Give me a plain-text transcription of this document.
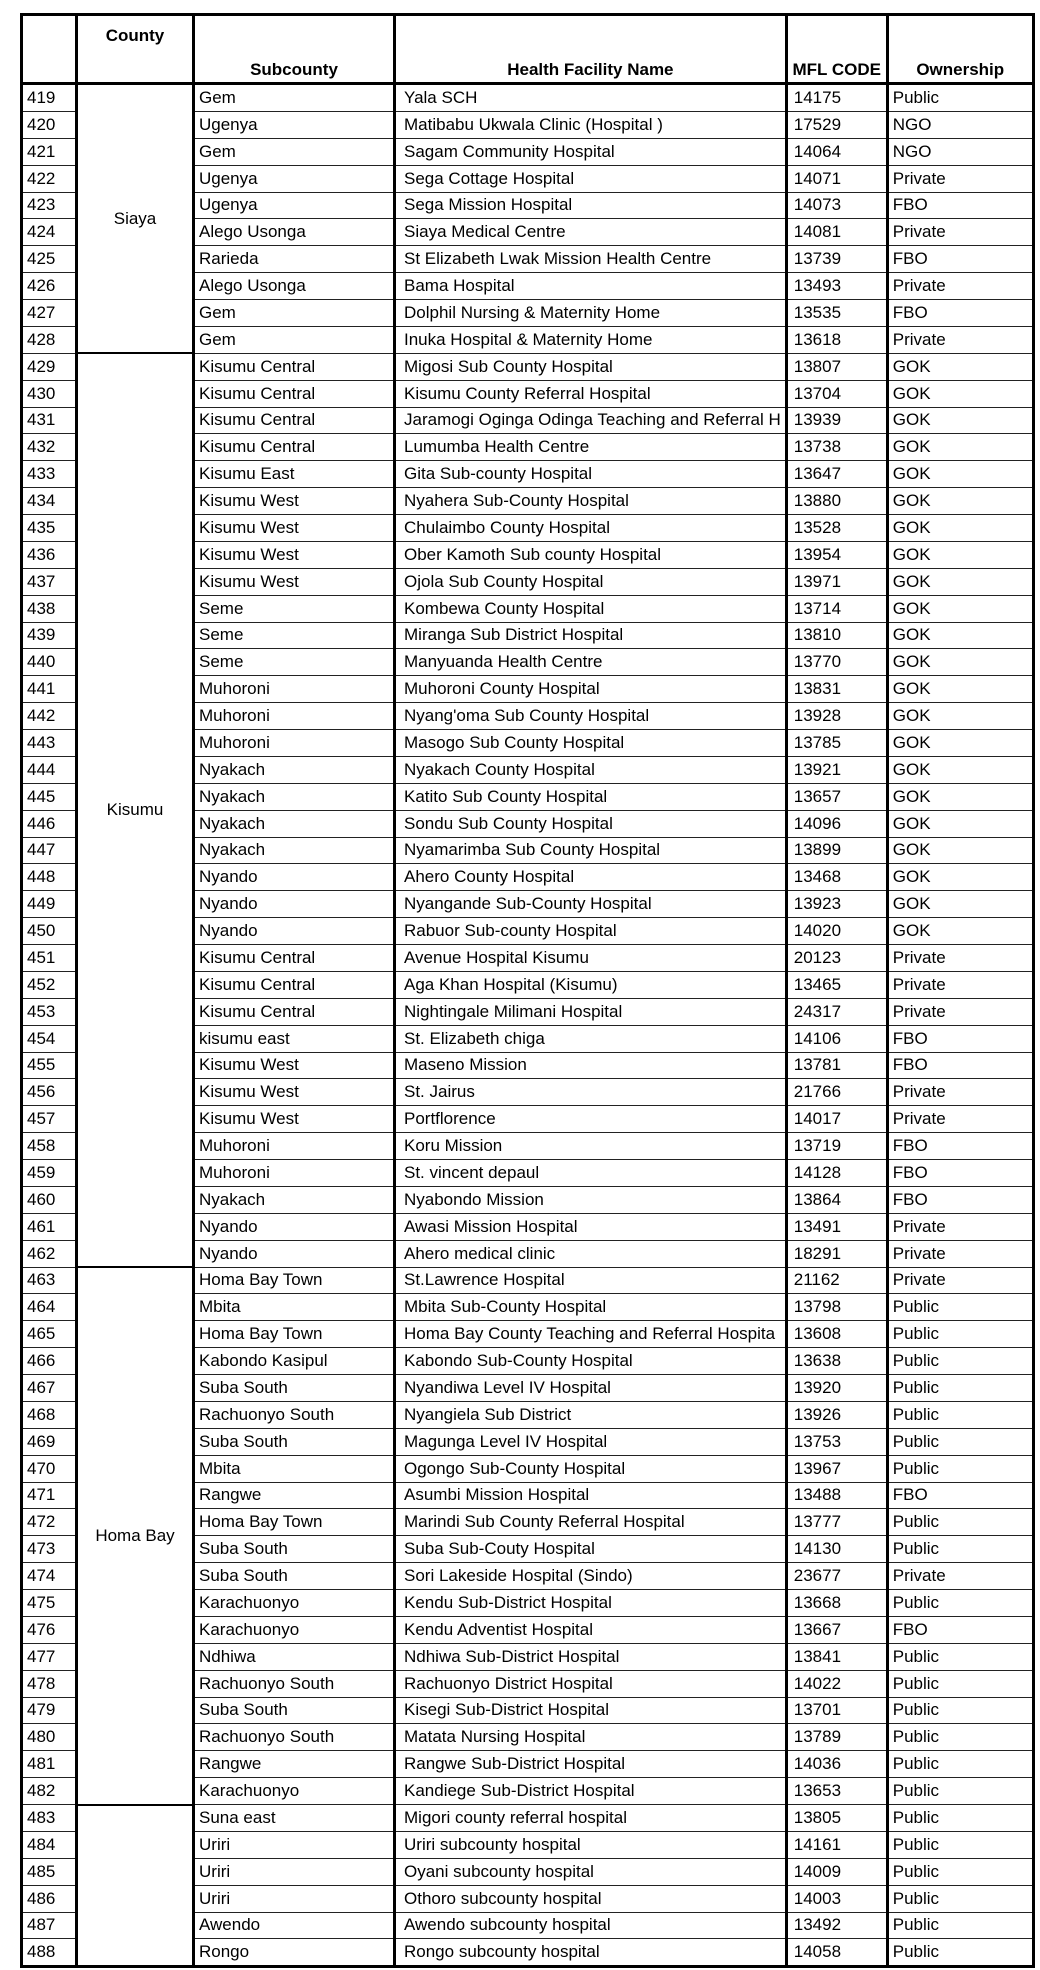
	County	Subcounty	Health Facility Name	MFL CODE	Ownership
419	Siaya	Gem	Yala SCH	14175	Public
420		Ugenya	Matibabu Ukwala Clinic (Hospital )	17529	NGO
421		Gem	Sagam Community Hospital	14064	NGO
422		Ugenya	Sega Cottage Hospital	14071	Private
423		Ugenya	Sega Mission Hospital	14073	FBO
424		Alego Usonga	Siaya Medical Centre	14081	Private
425		Rarieda	St Elizabeth Lwak Mission Health Centre	13739	FBO
426		Alego Usonga	Bama Hospital	13493	Private
427		Gem	Dolphil Nursing & Maternity Home	13535	FBO
428		Gem	Inuka Hospital & Maternity Home	13618	Private
429	Kisumu	Kisumu Central	Migosi Sub County Hospital	13807	GOK
430		Kisumu Central	Kisumu County Referral Hospital	13704	GOK
431		Kisumu Central	Jaramogi Oginga Odinga Teaching and Referral H	13939	GOK
432		Kisumu Central	Lumumba Health Centre	13738	GOK
433		Kisumu East	Gita Sub-county Hospital	13647	GOK
434		Kisumu West	Nyahera Sub-County Hospital	13880	GOK
435		Kisumu West	Chulaimbo County Hospital	13528	GOK
436		Kisumu West	Ober Kamoth Sub county Hospital	13954	GOK
437		Kisumu West	Ojola Sub County Hospital	13971	GOK
438		Seme	Kombewa County Hospital	13714	GOK
439		Seme	Miranga Sub District Hospital	13810	GOK
440		Seme	Manyuanda Health Centre	13770	GOK
441		Muhoroni	Muhoroni County Hospital	13831	GOK
442		Muhoroni	Nyang'oma Sub County Hospital	13928	GOK
443		Muhoroni	Masogo Sub County Hospital	13785	GOK
444		Nyakach	Nyakach County Hospital	13921	GOK
445		Nyakach	Katito Sub County Hospital	13657	GOK
446		Nyakach	Sondu Sub County Hospital	14096	GOK
447		Nyakach	Nyamarimba Sub County Hospital	13899	GOK
448		Nyando	Ahero County Hospital	13468	GOK
449		Nyando	Nyangande Sub-County Hospital	13923	GOK
450		Nyando	Rabuor Sub-county Hospital	14020	GOK
451		Kisumu Central	Avenue Hospital Kisumu	20123	Private
452		Kisumu Central	Aga Khan Hospital (Kisumu)	13465	Private
453		Kisumu Central	Nightingale Milimani Hospital	24317	Private
454		kisumu east	St. Elizabeth chiga	14106	FBO
455		Kisumu West	Maseno Mission	13781	FBO
456		Kisumu West	St. Jairus	21766	Private
457		Kisumu West	Portflorence	14017	Private
458		Muhoroni	Koru Mission	13719	FBO
459		Muhoroni	St. vincent depaul	14128	FBO
460		Nyakach	Nyabondo Mission	13864	FBO
461		Nyando	Awasi Mission Hospital	13491	Private
462		Nyando	Ahero medical clinic	18291	Private
463	Homa Bay	Homa Bay Town	St.Lawrence Hospital	21162	Private
464		Mbita	Mbita Sub-County Hospital	13798	Public
465		Homa Bay Town	Homa Bay County Teaching and Referral Hospita	13608	Public
466		Kabondo Kasipul	Kabondo Sub-County Hospital	13638	Public
467		Suba South	Nyandiwa Level IV Hospital	13920	Public
468		Rachuonyo South	Nyangiela Sub District	13926	Public
469		Suba South	Magunga Level IV Hospital	13753	Public
470		Mbita	Ogongo Sub-County Hospital	13967	Public
471		Rangwe	Asumbi Mission Hospital	13488	FBO
472		Homa Bay Town	Marindi Sub County Referral Hospital	13777	Public
473		Suba South	Suba Sub-Couty Hospital	14130	Public
474		Suba South	Sori Lakeside Hospital (Sindo)	23677	Private
475		Karachuonyo	Kendu Sub-District Hospital	13668	Public
476		Karachuonyo	Kendu Adventist Hospital	13667	FBO
477		Ndhiwa	Ndhiwa Sub-District Hospital	13841	Public
478		Rachuonyo South	Rachuonyo District Hospital	14022	Public
479		Suba South	Kisegi Sub-District Hospital	13701	Public
480		Rachuonyo South	Matata Nursing Hospital	13789	Public
481		Rangwe	Rangwe Sub-District Hospital	14036	Public
482		Karachuonyo	Kandiege Sub-District Hospital	13653	Public
483		Suna east	Migori county referral hospital	13805	Public
484		Uriri	Uriri subcounty hospital	14161	Public
485		Uriri	Oyani subcounty hospital	14009	Public
486		Uriri	Othoro subcounty hospital	14003	Public
487		Awendo	Awendo subcounty hospital	13492	Public
488		Rongo	Rongo subcounty hospital	14058	Public
